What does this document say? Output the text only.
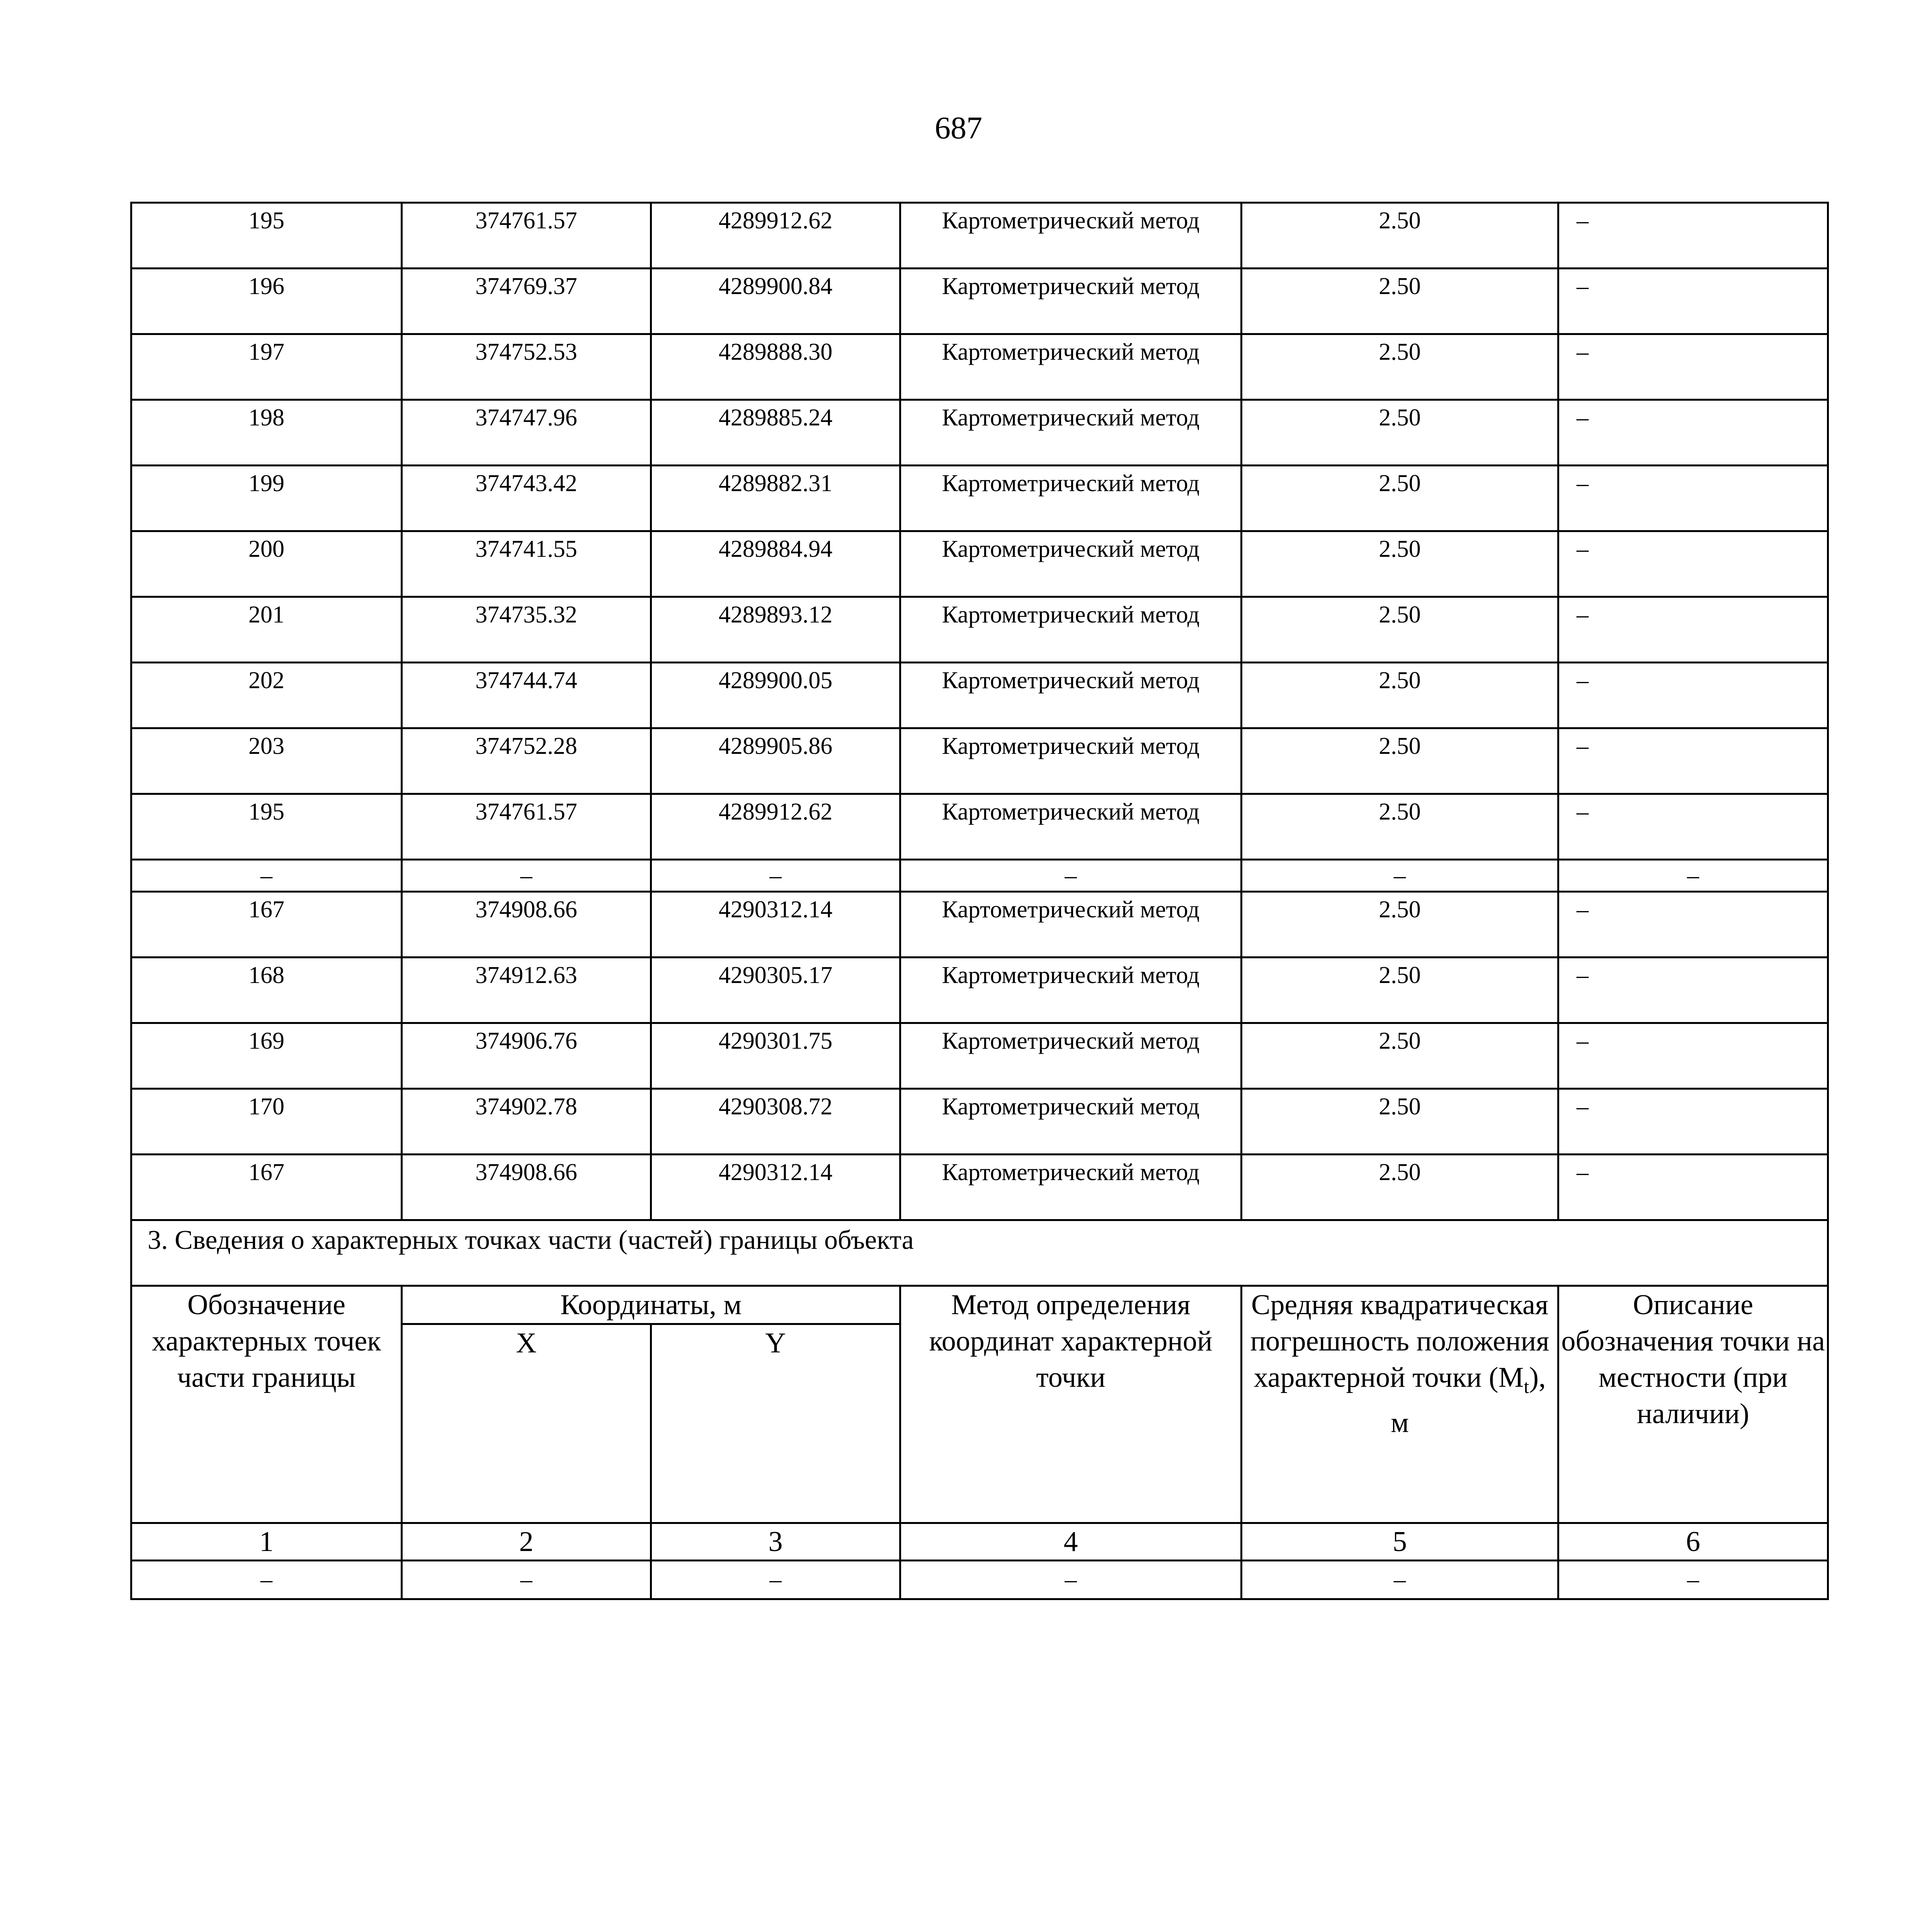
687
195	374761.57	4289912.62	Картометрический метод	2.50	–
196	374769.37	4289900.84	Картометрический метод	2.50	–
197	374752.53	4289888.30	Картометрический метод	2.50	–
198	374747.96	4289885.24	Картометрический метод	2.50	–
199	374743.42	4289882.31	Картометрический метод	2.50	–
200	374741.55	4289884.94	Картометрический метод	2.50	–
201	374735.32	4289893.12	Картометрический метод	2.50	–
202	374744.74	4289900.05	Картометрический метод	2.50	–
203	374752.28	4289905.86	Картометрический метод	2.50	–
195	374761.57	4289912.62	Картометрический метод	2.50	–
–	–	–	–	–	–
167	374908.66	4290312.14	Картометрический метод	2.50	–
168	374912.63	4290305.17	Картометрический метод	2.50	–
169	374906.76	4290301.75	Картометрический метод	2.50	–
170	374902.78	4290308.72	Картометрический метод	2.50	–
167	374908.66	4290312.14	Картометрический метод	2.50	–
3. Сведения о характерных точках части (частей) границы объекта					
Обозначение характерных точек части границы	Координаты, м		Метод определения координат характерной точки	Средняя квадратическая погрешность положения характерной точки $(M_t)$, м	Описание обозначения точки на местности (при наличии)
	X	Y			
1	2	3	4	5	6
–	–	–	–	–	–
